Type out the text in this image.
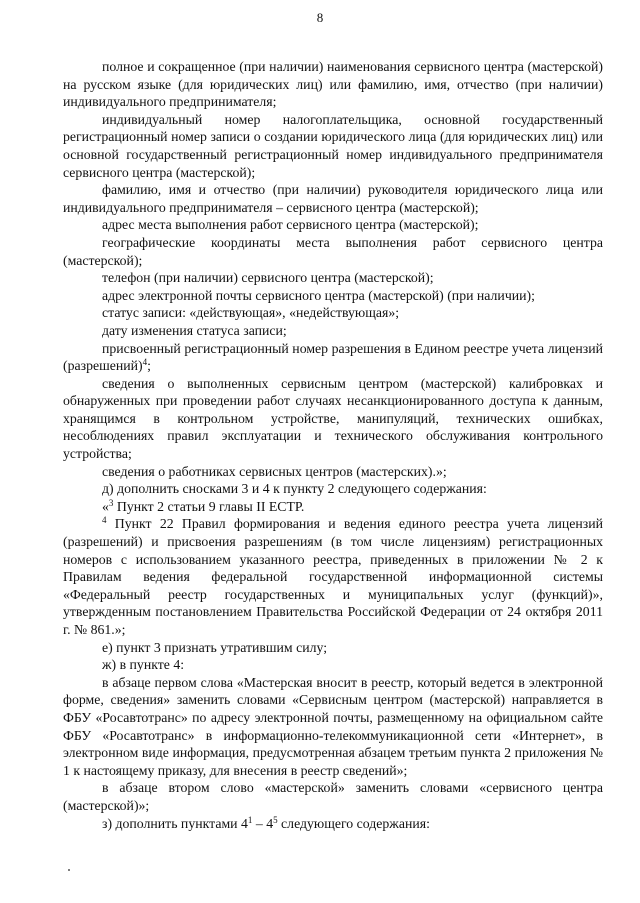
8

полное и сокращенное (при наличии) наименования сервисного центра (мастерской) на русском языке (для юридических лиц) или фамилию, имя, отчество (при наличии) индивидуального предпринимателя;

индивидуальный номер налогоплательщика, основной государственный регистрационный номер записи о создании юридического лица (для юридических лиц) или основной государственный регистрационный номер индивидуального предпринимателя сервисного центра (мастерской);

фамилию, имя и отчество (при наличии) руководителя юридического лица или индивидуального предпринимателя – сервисного центра (мастерской);

адрес места выполнения работ сервисного центра (мастерской);

географические координаты места выполнения работ сервисного центра (мастерской);

телефон (при наличии) сервисного центра (мастерской);

адрес электронной почты сервисного центра (мастерской) (при наличии);

статус записи: «действующая», «недействующая»;

дату изменения статуса записи;

присвоенный регистрационный номер разрешения в Едином реестре учета лицензий (разрешений)$^4$;

сведения о выполненных сервисным центром (мастерской) калибровках и обнаруженных при проведении работ случаях несанкционированного доступа к данным, хранящимся в контрольном устройстве, манипуляций, технических ошибках, несоблюдениях правил эксплуатации и технического обслуживания контрольного устройства;

сведения о работниках сервисных центров (мастерских).»;

д) дополнить сносками 3 и 4 к пункту 2 следующего содержания:

«$^3$ Пункт 2 статьи 9 главы II ЕСТР.

$^4$ Пункт 22 Правил формирования и ведения единого реестра учета лицензий (разрешений) и присвоения разрешениям (в том числе лицензиям) регистрационных номеров с использованием указанного реестра, приведенных в приложении № 2 к Правилам ведения федеральной государственной информационной системы «Федеральный реестр государственных и муниципальных услуг (функций)», утвержденным постановлением Правительства Российской Федерации от 24 октября 2011 г. № 861.»;

е) пункт 3 признать утратившим силу;

ж) в пункте 4:

в абзаце первом слова «Мастерская вносит в реестр, который ведется в электронной форме, сведения» заменить словами «Сервисным центром (мастерской) направляется в ФБУ «Росавтотранс» по адресу электронной почты, размещенному на официальном сайте ФБУ «Росавтотранс» в информационно-телекоммуникационной сети «Интернет», в электронном виде информация, предусмотренная абзацем третьим пункта 2 приложения № 1 к настоящему приказу, для внесения в реестр сведений»;

в абзаце втором слово «мастерской» заменить словами «сервисного центра (мастерской)»;

з) дополнить пунктами $4^1 - 4^5$ следующего содержания:
